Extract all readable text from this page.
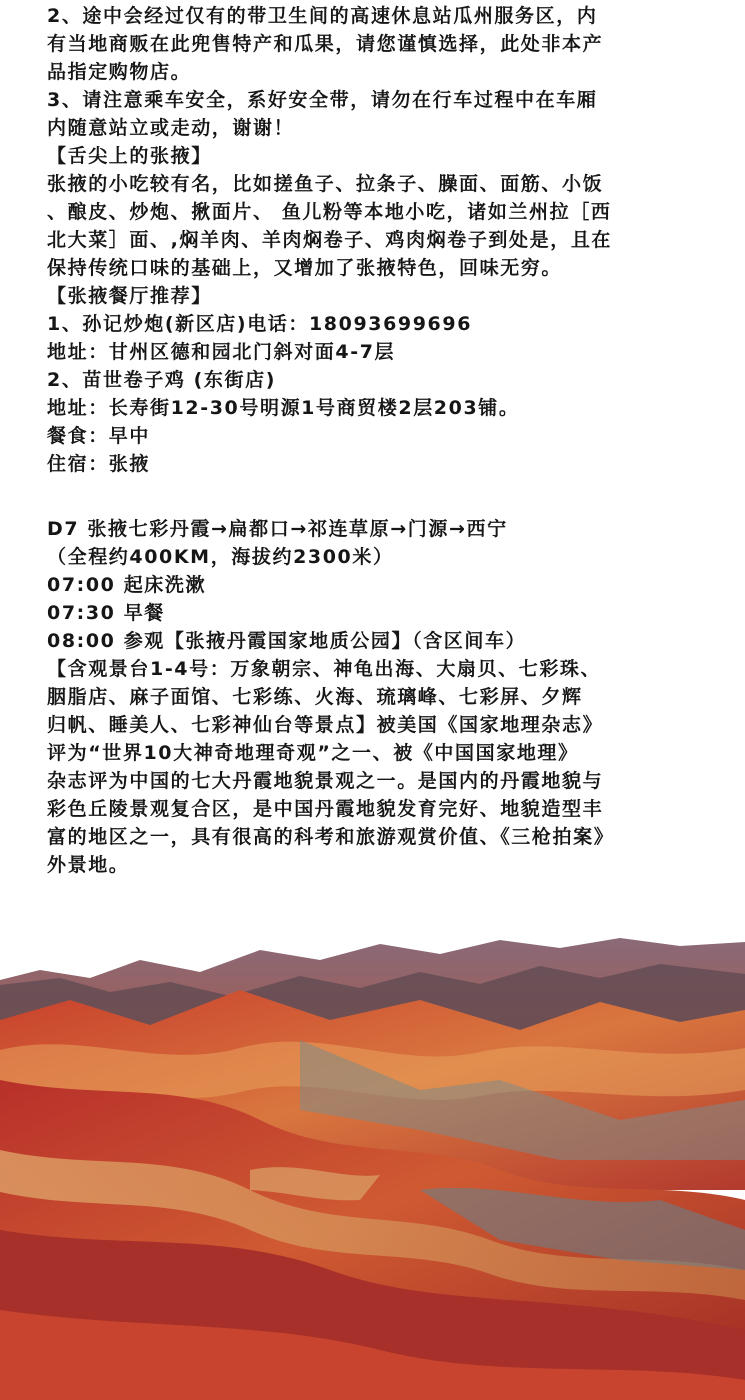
2、途中会经过仅有的带卫生间的高速休息站瓜州服务区，内
有当地商贩在此兜售特产和瓜果，请您谨慎选择，此处非本产
品指定购物店。
3、请注意乘车安全，系好安全带，请勿在行车过程中在车厢
内随意站立或走动，谢谢！
【舌尖上的张掖】
张掖的小吃较有名，比如搓鱼子、拉条子、臊面、面筋、小饭
、酿皮、炒炮、揪面片、 鱼儿粉等本地小吃，诸如兰州拉［西
北大菜］面、,焖羊肉、羊肉焖卷子、鸡肉焖卷子到处是，且在
保持传统口味的基础上，又增加了张掖特色，回味无穷。
【张掖餐厅推荐】
1、孙记炒炮(新区店)电话：18093699696
地址：甘州区德和园北门斜对面4-7层
2、苗世卷子鸡 (东街店)
地址：长寿街12-30号明源1号商贸楼2层203铺。
餐食：早中
住宿：张掖
D7 张掖七彩丹霞→扁都口→祁连草原→门源→西宁
（全程约400KM，海拔约2300米）
07:00 起床洗漱
07:30 早餐
08:00 参观【张掖丹霞国家地质公园】（含区间车）
【含观景台1-4号：万象朝宗、神龟出海、大扇贝、七彩珠、
胭脂店、麻子面馆、七彩练、火海、琉璃峰、七彩屏、夕辉
归帆、睡美人、七彩神仙台等景点】被美国《国家地理杂志》
评为“世界10大神奇地理奇观”之一、被《中国国家地理》
杂志评为中国的七大丹霞地貌景观之一。是国内的丹霞地貌与
彩色丘陵景观复合区，是中国丹霞地貌发育完好、地貌造型丰
富的地区之一，具有很高的科考和旅游观赏价值、《三枪拍案》
外景地。
